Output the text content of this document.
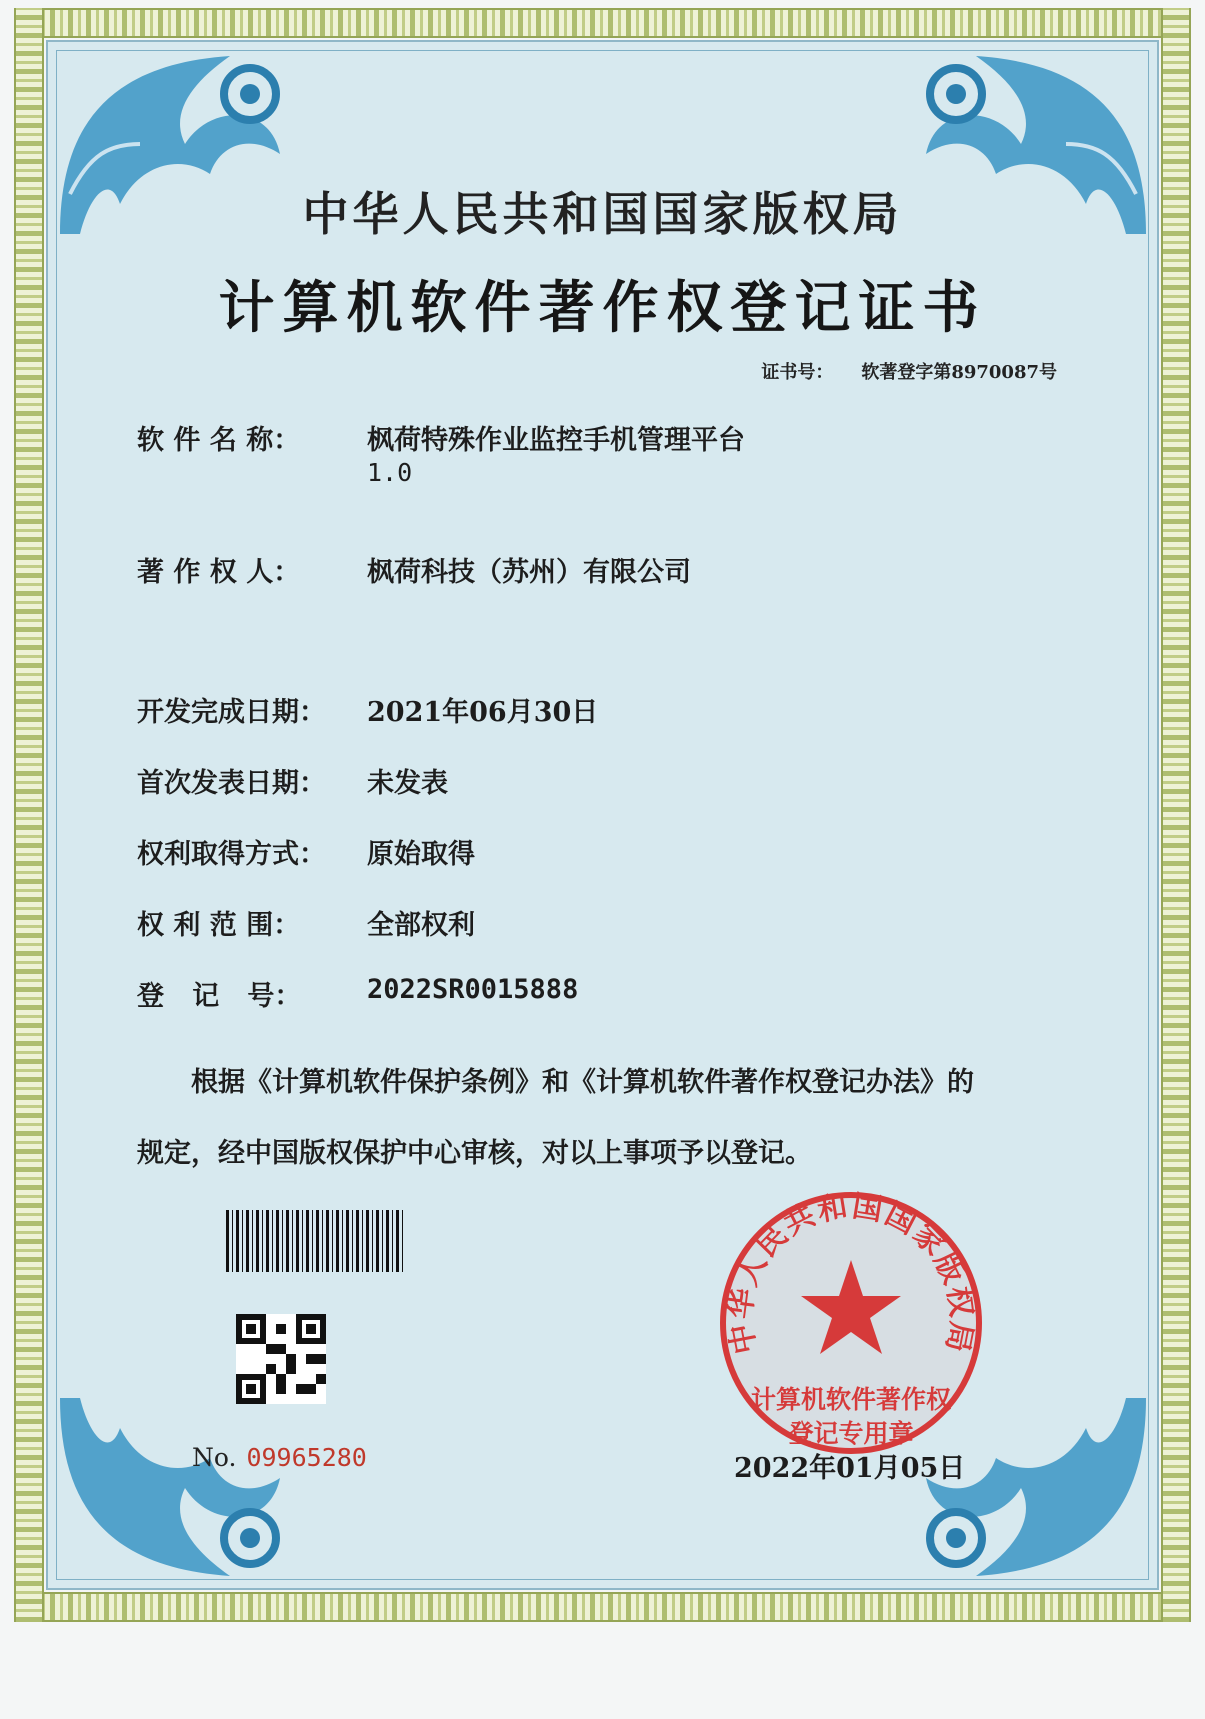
中华人民共和国国家版权局
计算机软件著作权登记证书
证书号： 软著登字第8970087号
软 件 名 称： 枫荷特殊作业监控手机管理平台
1.0
著 作 权 人： 枫荷科技（苏州）有限公司
开发完成日期： 2021年06月30日
首次发表日期： 未发表
权利取得方式： 原始取得
权 利 范 围： 全部权利
登   记   号： 2022SR0015888
根据《计算机软件保护条例》和《计算机软件著作权登记办法》的
规定，经中国版权保护中心审核，对以上事项予以登记。
No. 09965280
中华人民共和国国家版权局
计算机软件著作权
登记专用章
2022年01月05日
